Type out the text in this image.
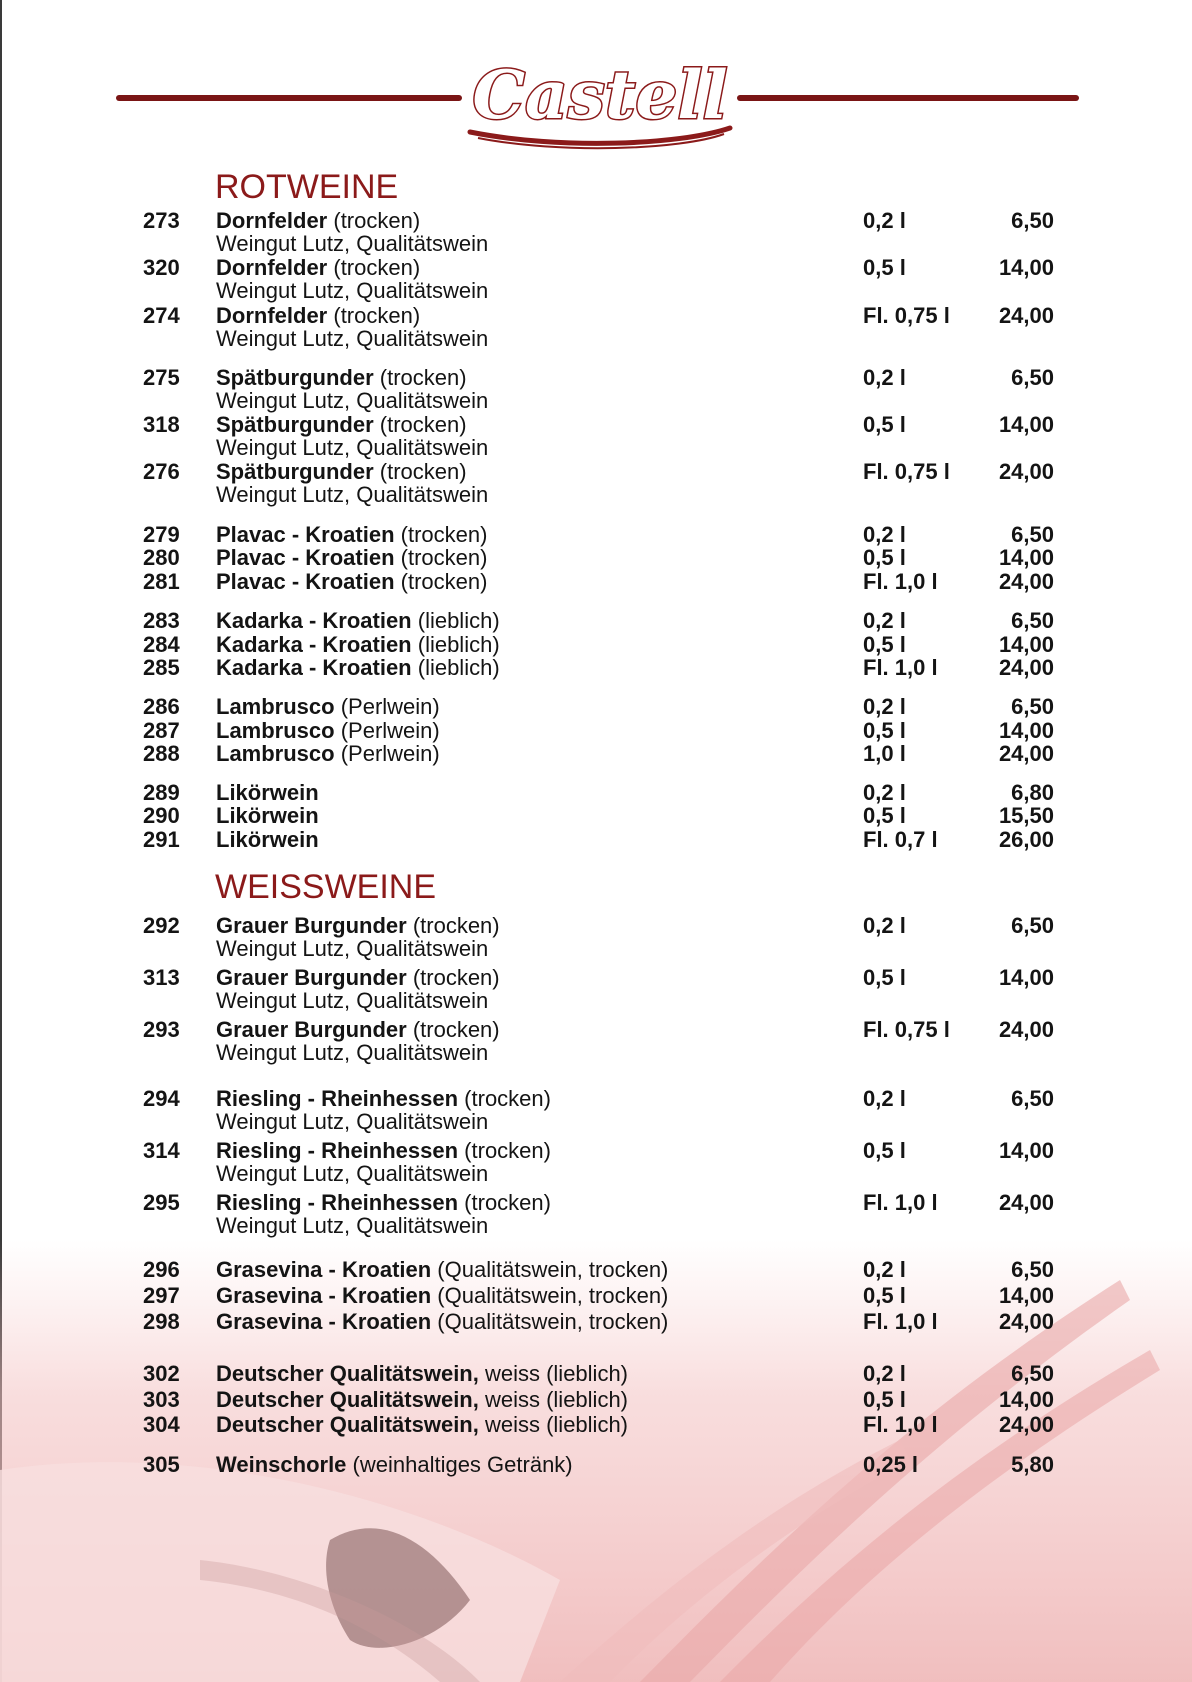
Castell
ROTWEINE
273 Dornfelder (trocken)	0,2 l	6,50
Weingut Lutz, Qualitätswein
320 Dornfelder (trocken)	0,5 l	14,00
Weingut Lutz, Qualitätswein
274 Dornfelder (trocken)	Fl. 0,75 l 24,00
Weingut Lutz, Qualitätswein
275 Spätburgunder (trocken)	0,2 l	6,50
Weingut Lutz, Qualitätswein
318 Spätburgunder (trocken)	0,5 l	14,00
Weingut Lutz, Qualitätswein
276 Spätburgunder (trocken)	Fl. 0,75 l 24,00
Weingut Lutz, Qualitätswein
279 Plavac - Kroatien (trocken)	0,2 l	6,50
280 Plavac - Kroatien (trocken)	0,5 l	14,00
281 Plavac - Kroatien (trocken)	Fl. 1,0 l	24,00
283 Kadarka - Kroatien (lieblich)	0,2 l	6,50
284 Kadarka - Kroatien (lieblich)	0,5 l	14,00
285 Kadarka - Kroatien (lieblich)	Fl. 1,0 l	24,00
286 Lambrusco (Perlwein)	0,2 l	6,50
287 Lambrusco (Perlwein)	0,5 l	14,00
288 Lambrusco (Perlwein)	1,0 l	24,00
289 Likörwein	0,2 l	6,80
290 Likörwein	0,5 l	15,50
291 Likörwein	Fl. 0,7 l	26,00
WEISSWEINE
292 Grauer Burgunder (trocken)	0,2 l	6,50
Weingut Lutz, Qualitätswein
313 Grauer Burgunder (trocken)	0,5 l	14,00
Weingut Lutz, Qualitätswein
293 Grauer Burgunder (trocken)	Fl. 0,75 l 24,00
Weingut Lutz, Qualitätswein
294 Riesling - Rheinhessen (trocken)	0,2 l	6,50
Weingut Lutz, Qualitätswein
314 Riesling - Rheinhessen (trocken)	0,5 l	14,00
Weingut Lutz, Qualitätswein
295 Riesling - Rheinhessen (trocken)	Fl. 1,0 l	24,00
Weingut Lutz, Qualitätswein
296 Grasevina - Kroatien (Qualitätswein, trocken)	0,2 l	6,50
297 Grasevina - Kroatien (Qualitätswein, trocken)	0,5 l	14,00
298 Grasevina - Kroatien (Qualitätswein, trocken)	Fl. 1,0 l	24,00
302 Deutscher Qualitätswein, weiss (lieblich)	0,2 l	6,50
303 Deutscher Qualitätswein, weiss (lieblich)	0,5 l	14,00
304 Deutscher Qualitätswein, weiss (lieblich)	Fl. 1,0 l	24,00
305 Weinschorle (weinhaltiges Getränk)	0,25 l	5,80
